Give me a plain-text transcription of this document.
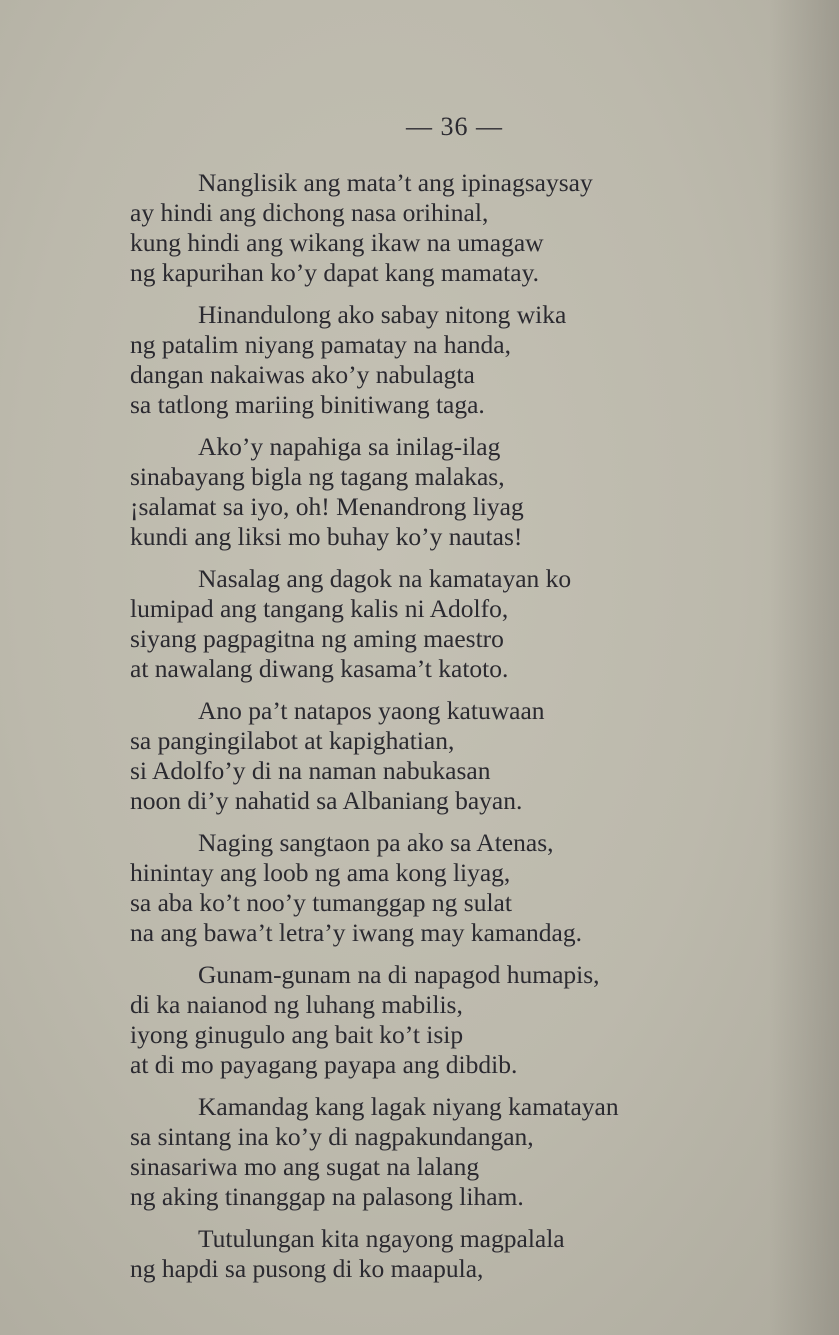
— 36 —
Nanglisik ang mata’t ang ipinagsaysay
ay hindi ang dichong nasa orihinal,
kung hindi ang wikang ikaw na umagaw
ng kapurihan ko’y dapat kang mamatay.
Hinandulong ako sabay nitong wika
ng patalim niyang pamatay na handa,
dangan nakaiwas ako’y nabulagta
sa tatlong mariing binitiwang taga.
Ako’y napahiga sa inilag-ilag
sinabayang bigla ng tagang malakas,
¡salamat sa iyo, oh! Menandrong liyag
kundi ang liksi mo buhay ko’y nautas!
Nasalag ang dagok na kamatayan ko
lumipad ang tangang kalis ni Adolfo,
siyang pagpagitna ng aming maestro
at nawalang diwang kasama’t katoto.
Ano pa’t natapos yaong katuwaan
sa pangingilabot at kapighatian,
si Adolfo’y di na naman nabukasan
noon di’y nahatid sa Albaniang bayan.
Naging sangtaon pa ako sa Atenas,
hinintay ang loob ng ama kong liyag,
sa aba ko’t noo’y tumanggap ng sulat
na ang bawa’t letra’y iwang may kamandag.
Gunam-gunam na di napagod humapis,
di ka naianod ng luhang mabilis,
iyong ginugulo ang bait ko’t isip
at di mo payagang payapa ang dibdib.
Kamandag kang lagak niyang kamatayan
sa sintang ina ko’y di nagpakundangan,
sinasariwa mo ang sugat na lalang
ng aking tinanggap na palasong liham.
Tutulungan kita ngayong magpalala
ng hapdi sa pusong di ko maapula,
